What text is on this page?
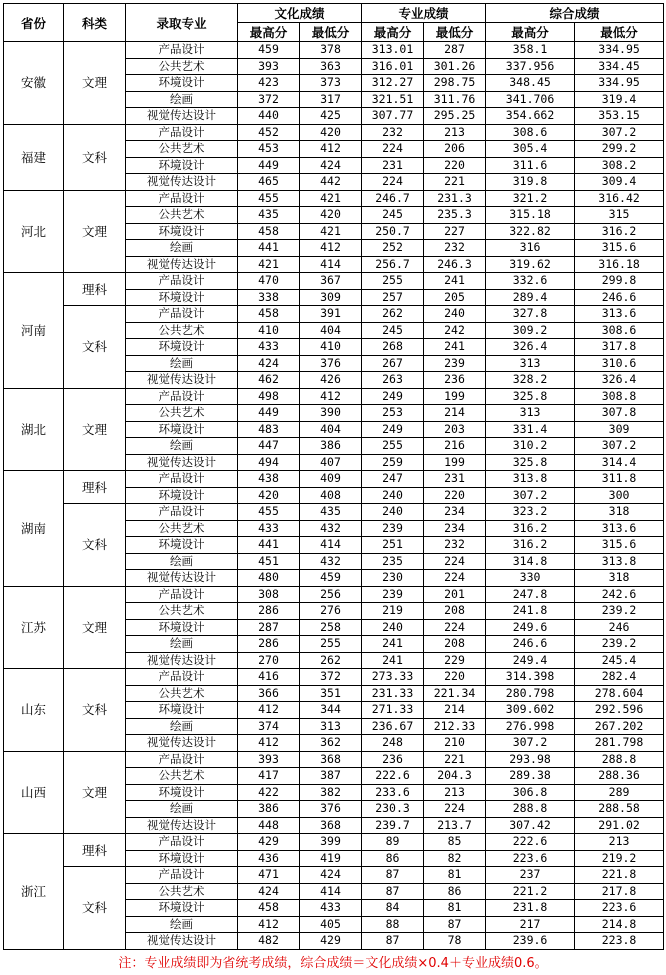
省份	科类	录取专业	文化成绩		专业成绩		综合成绩	
			最高分	最低分	最高分	最低分	最高分	最低分
安徽	文理	产品设计	459	378	313.01	287	358.1	334.95
		公共艺术	393	363	316.01	301.26	337.956	334.45
		环境设计	423	373	312.27	298.75	348.45	334.95
		绘画	372	317	321.51	311.76	341.706	319.4
		视觉传达设计	440	425	307.77	295.25	354.662	353.15
福建	文科	产品设计	452	420	232	213	308.6	307.2
		公共艺术	453	412	224	206	305.4	299.2
		环境设计	449	424	231	220	311.6	308.2
		视觉传达设计	465	442	224	221	319.8	309.4
河北	文理	产品设计	455	421	246.7	231.3	321.2	316.42
		公共艺术	435	420	245	235.3	315.18	315
		环境设计	458	421	250.7	227	322.82	316.2
		绘画	441	412	252	232	316	315.6
		视觉传达设计	421	414	256.7	246.3	319.62	316.18
河南	理科	产品设计	470	367	255	241	332.6	299.8
		环境设计	338	309	257	205	289.4	246.6
	文科	产品设计	458	391	262	240	327.8	313.6
		公共艺术	410	404	245	242	309.2	308.6
		环境设计	433	410	268	241	326.4	317.8
		绘画	424	376	267	239	313	310.6
		视觉传达设计	462	426	263	236	328.2	326.4
湖北	文理	产品设计	498	412	249	199	325.8	308.8
		公共艺术	449	390	253	214	313	307.8
		环境设计	483	404	249	203	331.4	309
		绘画	447	386	255	216	310.2	307.2
		视觉传达设计	494	407	259	199	325.8	314.4
湖南	理科	产品设计	438	409	247	231	313.8	311.8
		环境设计	420	408	240	220	307.2	300
	文科	产品设计	455	435	240	234	323.2	318
		公共艺术	433	432	239	234	316.2	313.6
		环境设计	441	414	251	232	316.2	315.6
		绘画	451	432	235	224	314.8	313.8
		视觉传达设计	480	459	230	224	330	318
江苏	文理	产品设计	308	256	239	201	247.8	242.6
		公共艺术	286	276	219	208	241.8	239.2
		环境设计	287	258	240	224	249.6	246
		绘画	286	255	241	208	246.6	239.2
		视觉传达设计	270	262	241	229	249.4	245.4
山东	文科	产品设计	416	372	273.33	220	314.398	282.4
		公共艺术	366	351	231.33	221.34	280.798	278.604
		环境设计	412	344	271.33	214	309.602	292.596
		绘画	374	313	236.67	212.33	276.998	267.202
		视觉传达设计	412	362	248	210	307.2	281.798
山西	文理	产品设计	393	368	236	221	293.98	288.8
		公共艺术	417	387	222.6	204.3	289.38	288.36
		环境设计	422	382	233.6	213	306.8	289
		绘画	386	376	230.3	224	288.8	288.58
		视觉传达设计	448	368	239.7	213.7	307.42	291.02
浙江	理科	产品设计	429	399	89	85	222.6	213
		环境设计	436	419	86	82	223.6	219.2
	文科	产品设计	471	424	87	81	237	221.8
		公共艺术	424	414	87	86	221.2	217.8
		环境设计	458	433	84	81	231.8	223.6
		绘画	412	405	88	87	217	214.8
		视觉传达设计	482	429	87	78	239.6	223.8
注：专业成绩即为省统考成绩，综合成绩＝文化成绩×0.4＋专业成绩0.6。
